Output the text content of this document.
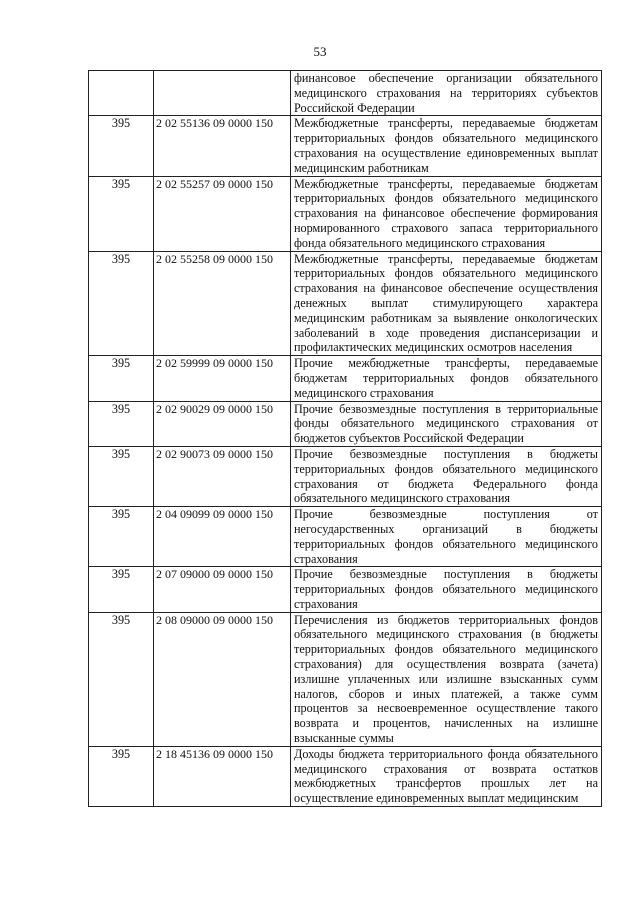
53
		финансовое обеспечение организации обязательного медицинского страхования на территориях субъектов Российской Федерации
395	2 02 55136 09 0000 150	Межбюджетные трансферты, передаваемые бюджетам территориальных фондов обязательного медицинского страхования на осуществление единовременных выплат медицинским работникам
395	2 02 55257 09 0000 150	Межбюджетные трансферты, передаваемые бюджетам территориальных фондов обязательного медицинского страхования на финансовое обеспечение формирования нормированного страхового запаса территориального фонда обязательного медицинского страхования
395	2 02 55258 09 0000 150	Межбюджетные трансферты, передаваемые бюджетам территориальных фондов обязательного медицинского страхования на финансовое обеспечение осуществления денежных выплат стимулирующего характера медицинским работникам за выявление онкологических заболеваний в ходе проведения диспансеризации и профилактических медицинских осмотров населения
395	2 02 59999 09 0000 150	Прочие межбюджетные трансферты, передаваемые бюджетам территориальных фондов обязательного медицинского страхования
395	2 02 90029 09 0000 150	Прочие безвозмездные поступления в территориальные фонды обязательного медицинского страхования от бюджетов субъектов Российской Федерации
395	2 02 90073 09 0000 150	Прочие безвозмездные поступления в бюджеты территориальных фондов обязательного медицинского страхования от бюджета Федерального фонда обязательного медицинского страхования
395	2 04 09099 09 0000 150	Прочие безвозмездные поступления от негосударственных организаций в бюджеты территориальных фондов обязательного медицинского страхования
395	2 07 09000 09 0000 150	Прочие безвозмездные поступления в бюджеты территориальных фондов обязательного медицинского страхования
395	2 08 09000 09 0000 150	Перечисления из бюджетов территориальных фондов обязательного медицинского страхования (в бюджеты территориальных фондов обязательного медицинского страхования) для осуществления возврата (зачета) излишне уплаченных или излишне взысканных сумм налогов, сборов и иных платежей, а также сумм процентов за несвоевременное осуществление такого возврата и процентов, начисленных на излишне взысканные суммы
395	2 18 45136 09 0000 150	Доходы бюджета территориального фонда обязательного медицинского страхования от возврата остатков межбюджетных трансфертов прошлых лет на осуществление единовременных выплат медицинским
